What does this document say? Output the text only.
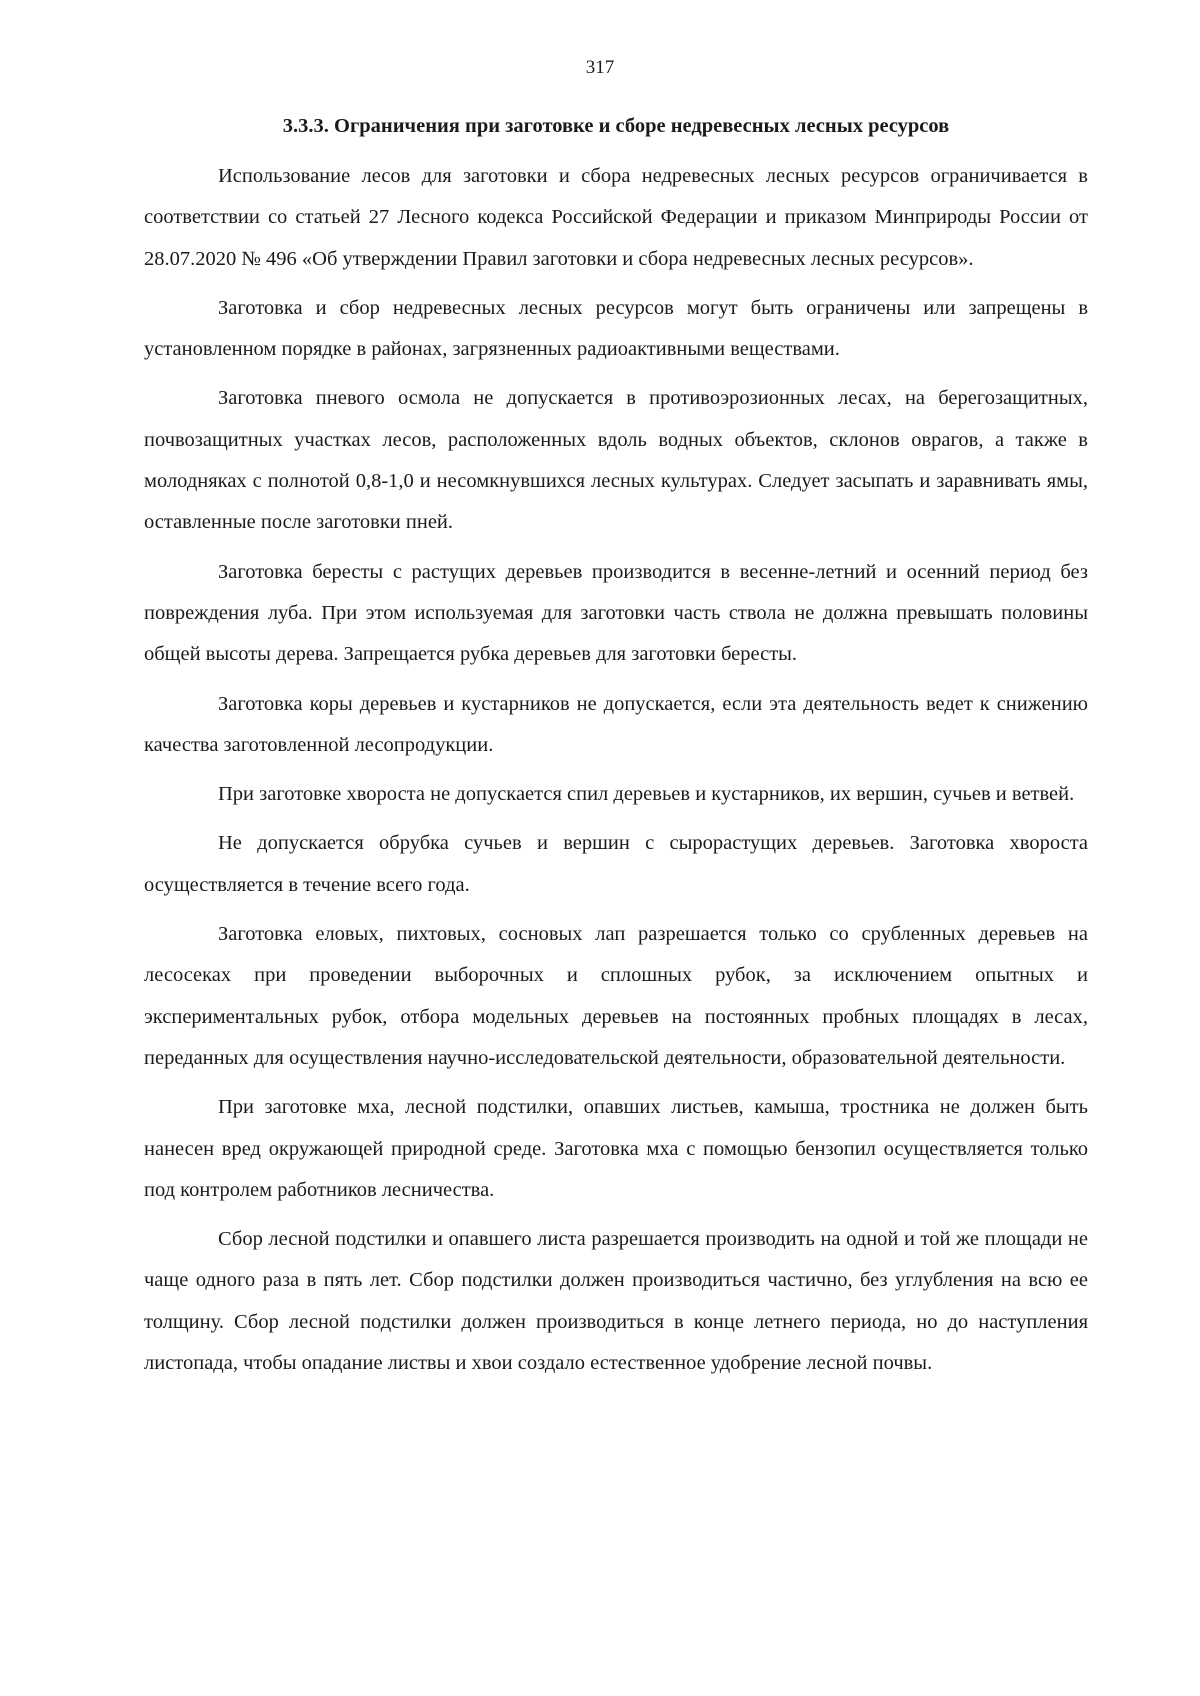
317
3.3.3. Ограничения при заготовке и сборе недревесных лесных ресурсов

Использование лесов для заготовки и сбора недревесных лесных ресурсов ограничивается в соответствии со статьей 27 Лесного кодекса Российской Федерации и приказом Минприроды России от 28.07.2020 № 496 «Об утверждении Правил заготовки и сбора недревесных лесных ресурсов».

Заготовка и сбор недревесных лесных ресурсов могут быть ограничены или запрещены в установленном порядке в районах, загрязненных радиоактивными веществами.

Заготовка пневого осмола не допускается в противоэрозионных лесах, на берегозащитных, почвозащитных участках лесов, расположенных вдоль водных объектов, склонов оврагов, а также в молодняках с полнотой 0,8-1,0 и несомкнувшихся лесных культурах. Следует засыпать и заравнивать ямы, оставленные после заготовки пней.

Заготовка бересты с растущих деревьев производится в весенне-летний и осенний период без повреждения луба. При этом используемая для заготовки часть ствола не должна превышать половины общей высоты дерева. Запрещается рубка деревьев для заготовки бересты.

Заготовка коры деревьев и кустарников не допускается, если эта деятельность ведет к снижению качества заготовленной лесопродукции.

При заготовке хвороста не допускается спил деревьев и кустарников, их вершин, сучьев и ветвей.

Не допускается обрубка сучьев и вершин с сырорастущих деревьев. Заготовка хвороста осуществляется в течение всего года.

Заготовка еловых, пихтовых, сосновых лап разрешается только со срубленных деревьев на лесосеках при проведении выборочных и сплошных рубок, за исключением опытных и экспериментальных рубок, отбора модельных деревьев на постоянных пробных площадях в лесах, переданных для осуществления научно-исследовательской деятельности, образовательной деятельности.

При заготовке мха, лесной подстилки, опавших листьев, камыша, тростника не должен быть нанесен вред окружающей природной среде. Заготовка мха с помощью бензопил осуществляется только под контролем работников лесничества.

Сбор лесной подстилки и опавшего листа разрешается производить на одной и той же площади не чаще одного раза в пять лет. Сбор подстилки должен производиться частично, без углубления на всю ее толщину. Сбор лесной подстилки должен производиться в конце летнего периода, но до наступления листопада, чтобы опадание листвы и хвои создало естественное удобрение лесной почвы.
